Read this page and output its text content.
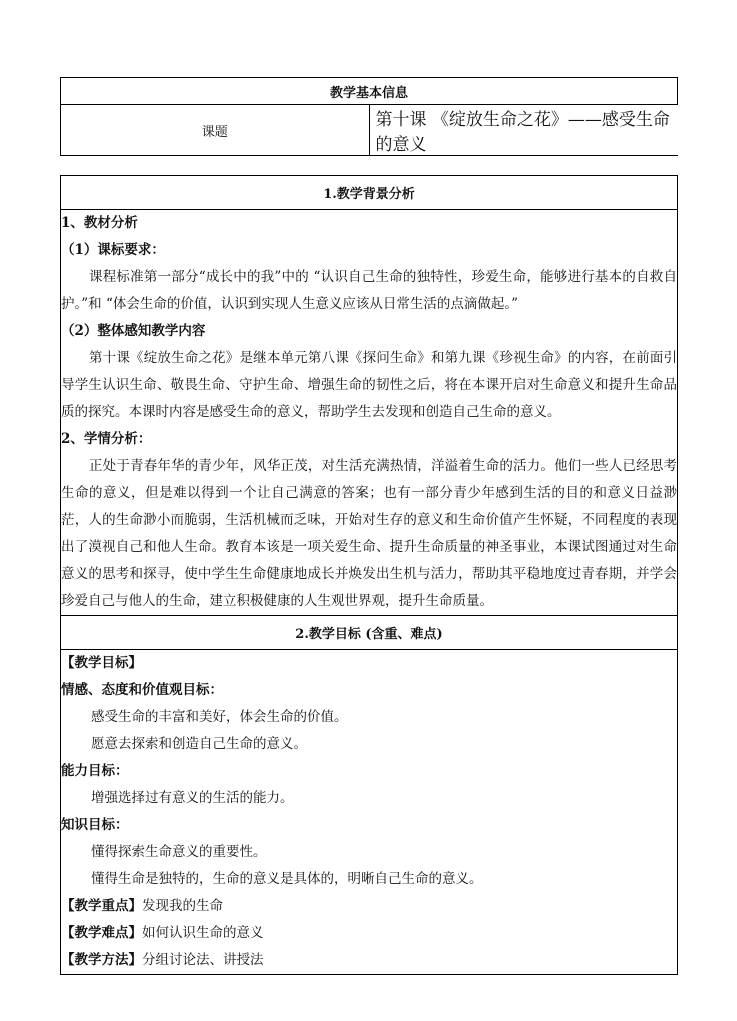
教学基本信息
课题	第十课 《绽放生命之花》——感受生命的意义
1.教学背景分析

1、教材分析
（1）课标要求：
课程标准第一部分“成长中的我”中的 “认识自己生命的独特性，珍爱生命，能够进行基本的自救自护。”和 “体会生命的价值，认识到实现人生意义应该从日常生活的点滴做起。”
（2）整体感知教学内容
第十课《绽放生命之花》是继本单元第八课《探问生命》和第九课《珍视生命》的内容，在前面引导学生认识生命、敬畏生命、守护生命、增强生命的韧性之后，将在本课开启对生命意义和提升生命品质的探究。本课时内容是感受生命的意义，帮助学生去发现和创造自己生命的意义。
2、学情分析：
正处于青春年华的青少年，风华正茂，对生活充满热情，洋溢着生命的活力。他们一些人已经思考生命的意义，但是难以得到一个让自己满意的答案；也有一部分青少年感到生活的目的和意义日益渺茫，人的生命渺小而脆弱，生活机械而乏味，开始对生存的意义和生命价值产生怀疑，不同程度的表现出了漠视自己和他人生命。教育本该是一项关爱生命、提升生命质量的神圣事业，本课试图通过对生命意义的思考和探寻，使中学生生命健康地成长并焕发出生机与活力，帮助其平稳地度过青春期，并学会珍爱自己与他人的生命，建立积极健康的人生观世界观，提升生命质量。

2.教学目标 (含重、难点)

【教学目标】
情感、态度和价值观目标：
感受生命的丰富和美好，体会生命的价值。
愿意去探索和创造自己生命的意义。
能力目标：
增强选择过有意义的生活的能力。
知识目标：
懂得探索生命意义的重要性。
懂得生命是独特的，生命的意义是具体的，明晰自己生命的意义。
【教学重点】发现我的生命
【教学难点】如何认识生命的意义
【教学方法】分组讨论法、讲授法
